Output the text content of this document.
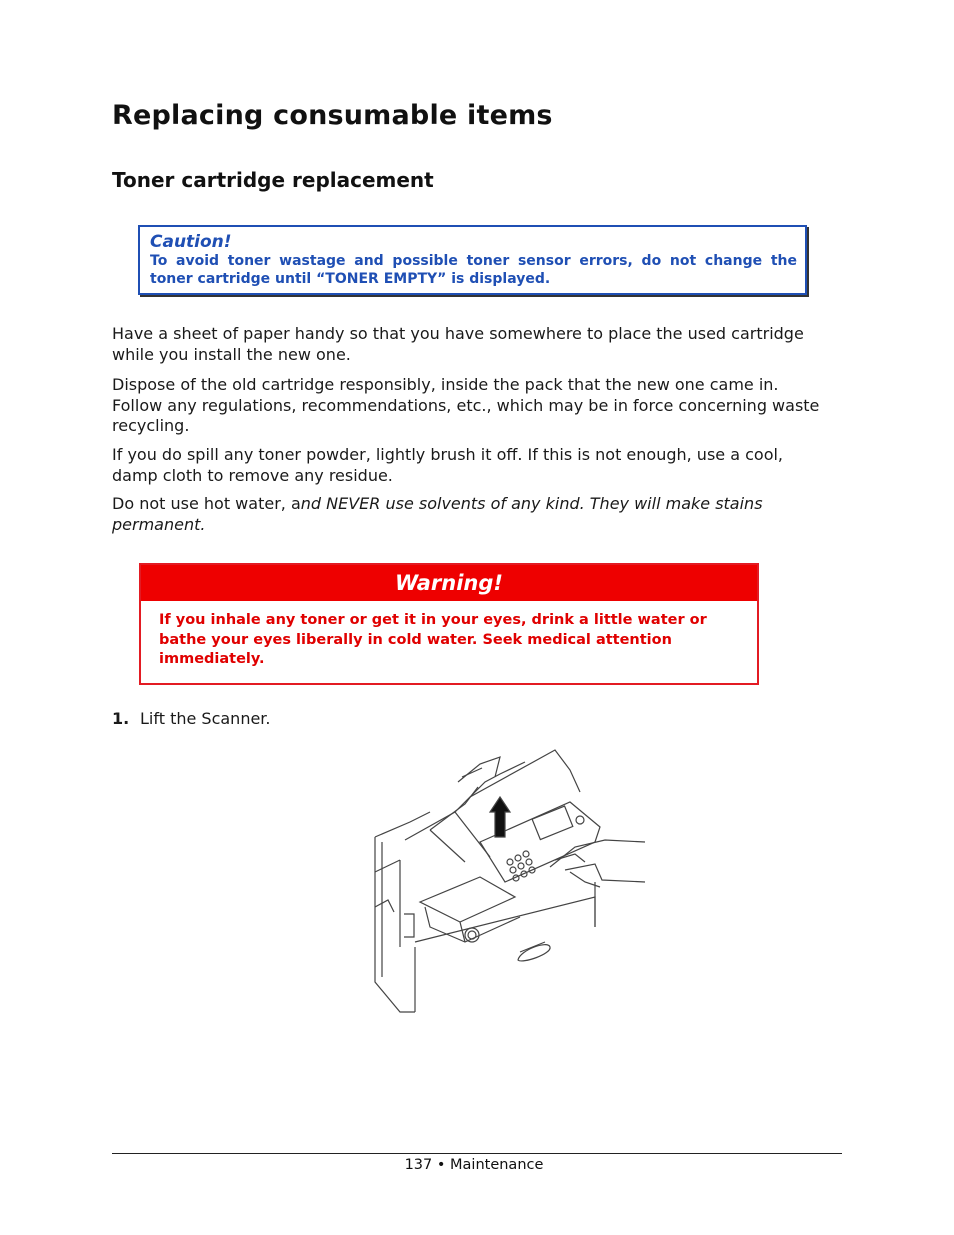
Replacing consumable items
Toner cartridge replacement
Caution!
To avoid toner wastage and possible toner sensor errors, do not change the toner cartridge until “TONER EMPTY” is displayed.

Have a sheet of paper handy so that you have somewhere to place the used cartridge while you install the new one.

Dispose of the old cartridge responsibly, inside the pack that the new one came in. Follow any regulations, recommendations, etc., which may be in force concerning waste recycling.

If you do spill any toner powder, lightly brush it off. If this is not enough, use a cool, damp cloth to remove any residue.

Do not use hot water, and NEVER use solvents of any kind. They will make stains permanent.

Warning!
If you inhale any toner or get it in your eyes, drink a little water or bathe your eyes liberally in cold water. Seek medical attention immediately.
1. Lift the Scanner.
137 • Maintenance
